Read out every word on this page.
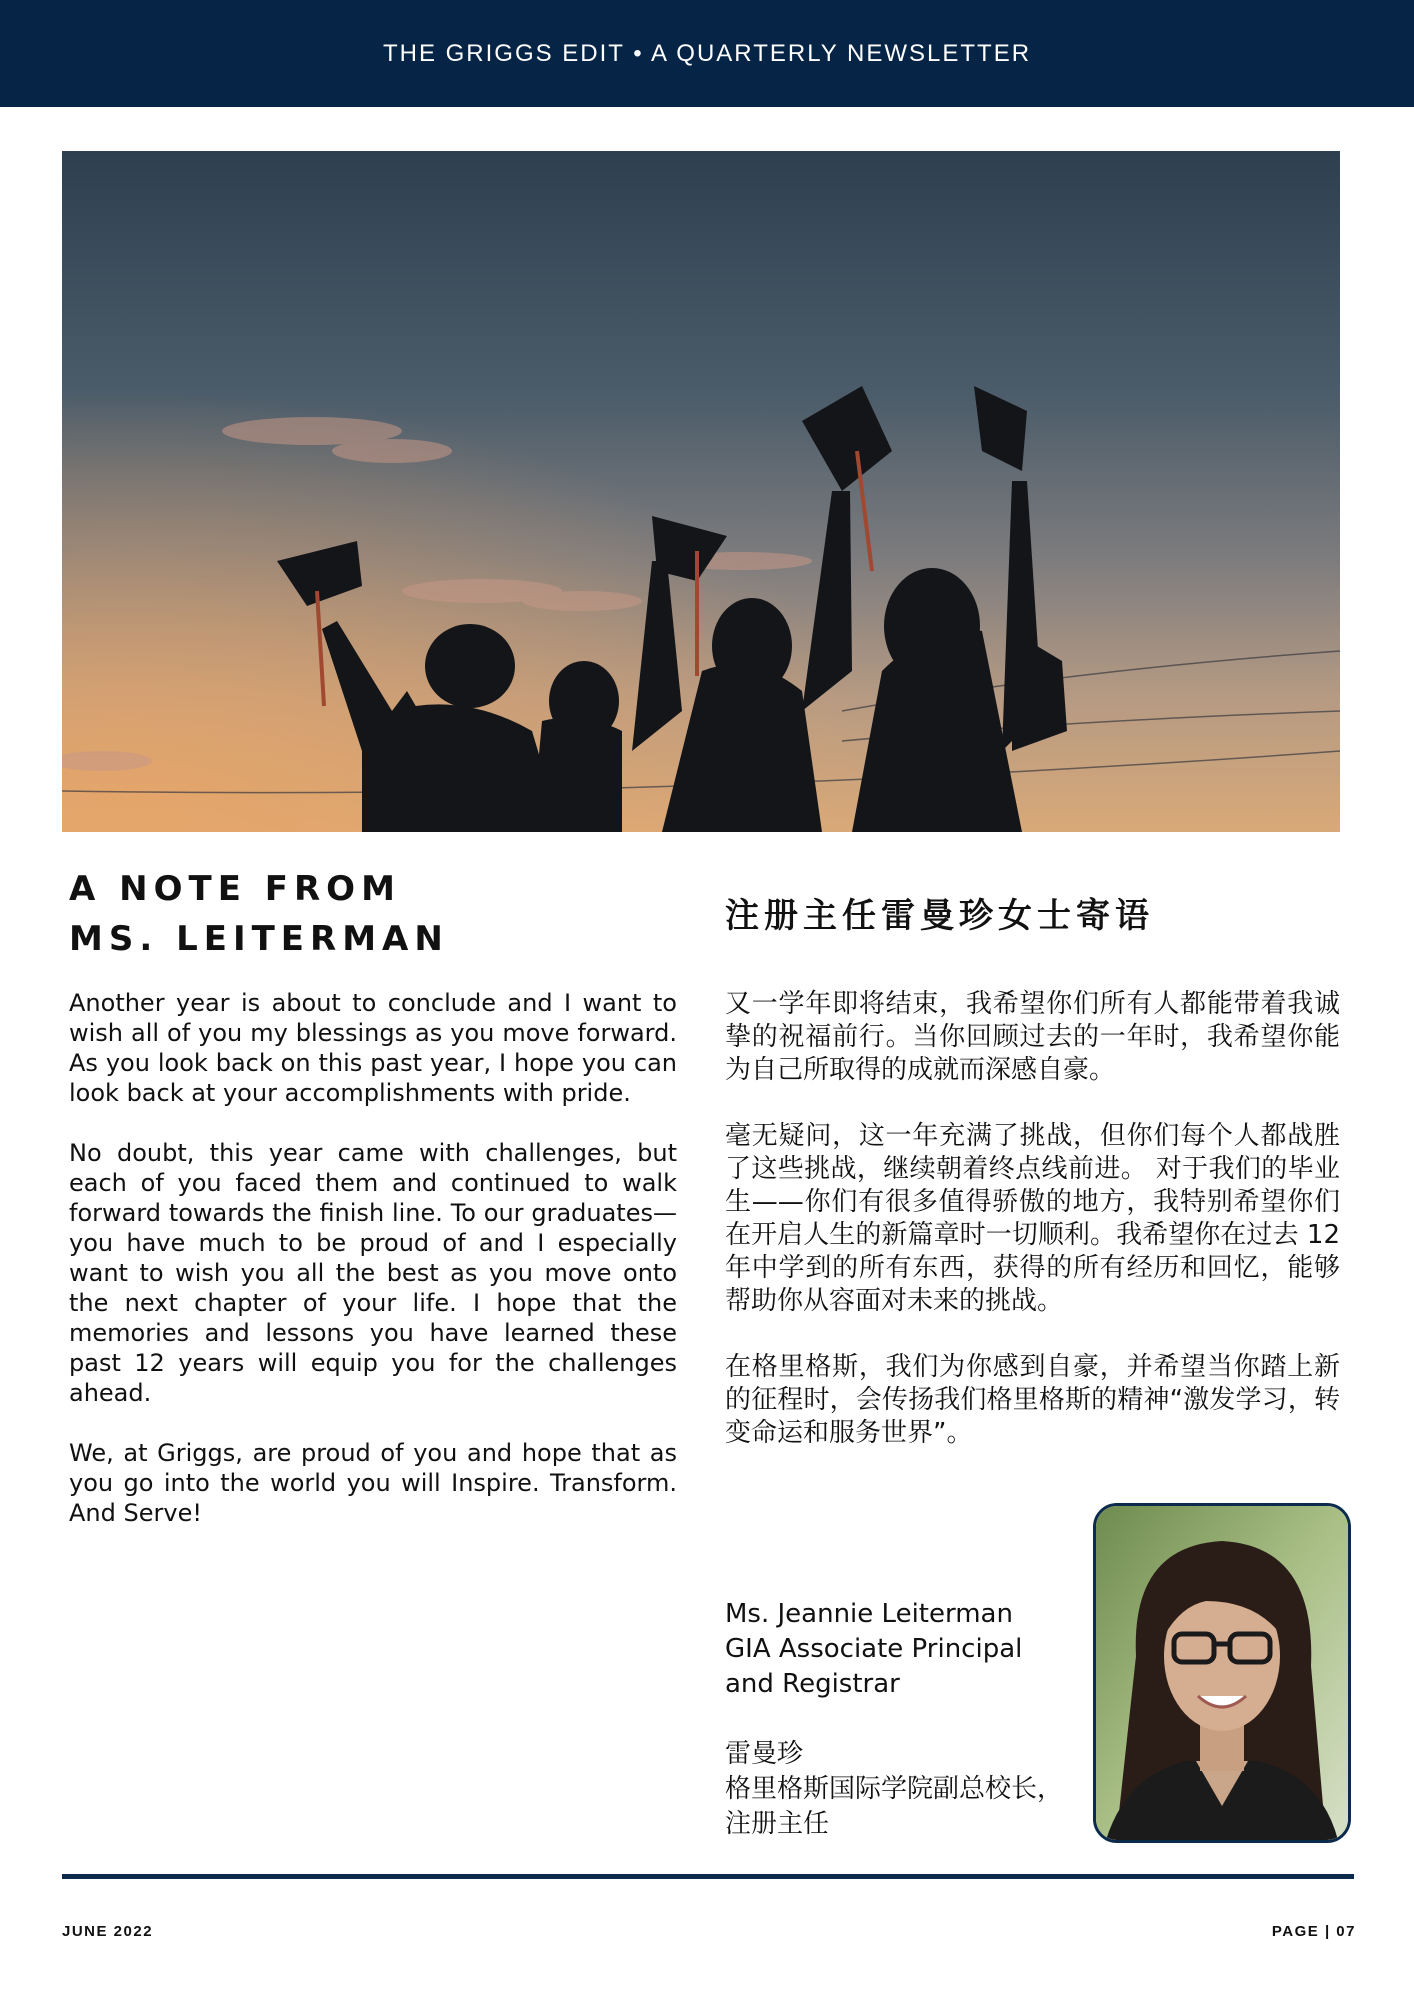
THE GRIGGS EDIT • A QUARTERLY NEWSLETTER
A NOTE FROM
MS. LEITERMAN
注册主任雷曼珍女士寄语

Another year is about to conclude and I want to wish all of you my blessings as you move forward. As you look back on this past year, I hope you can look back at your accomplishments with pride.

No doubt, this year came with challenges, but each of you faced them and continued to walk forward towards the finish line. To our graduates—you have much to be proud of and I especially want to wish you all the best as you move onto the next chapter of your life. I hope that the memories and lessons you have learned these past 12 years will equip you for the challenges ahead.

We, at Griggs, are proud of you and hope that as you go into the world you will Inspire. Transform. And Serve!

又一学年即将结束，我希望你们所有人都能带着我诚挚的祝福前行。当你回顾过去的一年时，我希望你能为自己所取得的成就而深感自豪。

毫无疑问，这一年充满了挑战，但你们每个人都战胜了这些挑战，继续朝着终点线前进。 对于我们的毕业生——你们有很多值得骄傲的地方，我特别希望你们在开启人生的新篇章时一切顺利。我希望你在过去 12 年中学到的所有东西，获得的所有经历和回忆，能够帮助你从容面对未来的挑战。

在格里格斯，我们为你感到自豪，并希望当你踏上新的征程时，会传扬我们格里格斯的精神“激发学习，转变命运和服务世界”。

Ms. Jeannie Leiterman
GIA Associate Principal
and Registrar
雷曼珍
格里格斯国际学院副总校长，
注册主任
JUNE 2022	PAGE | 07
